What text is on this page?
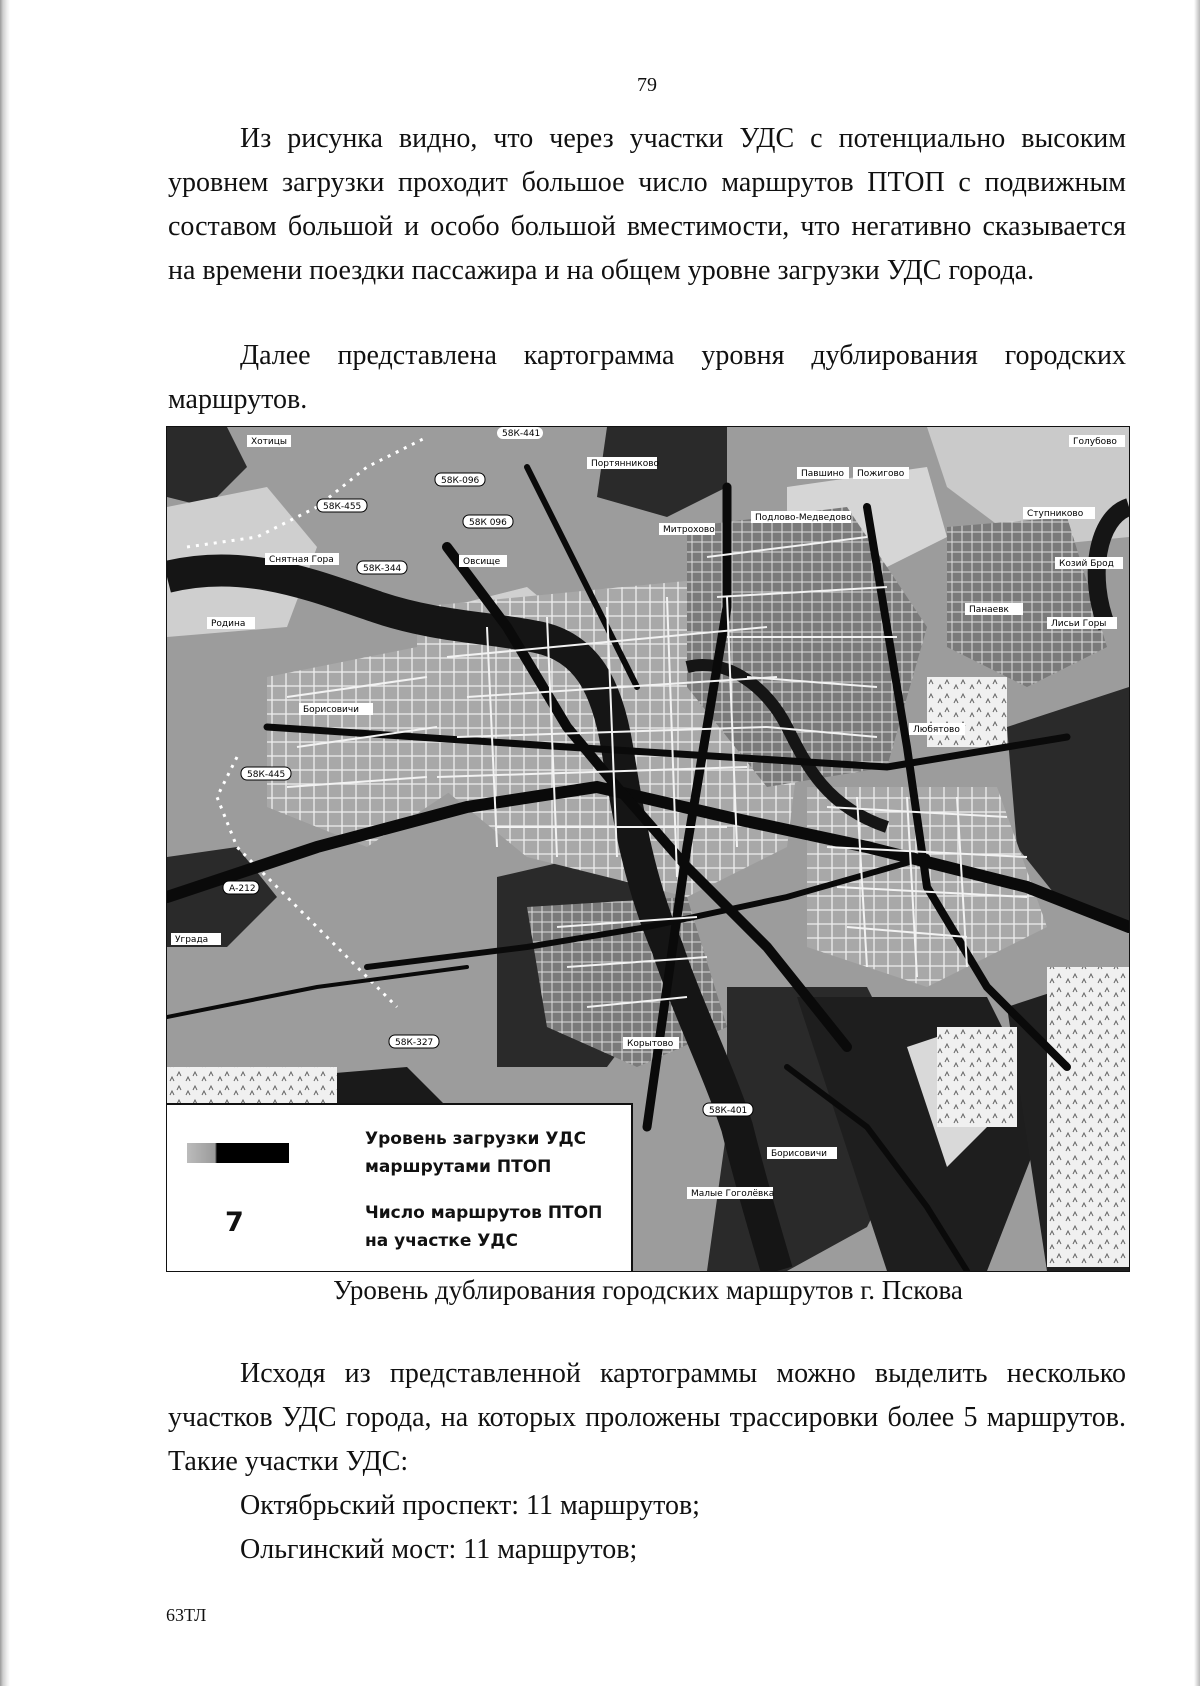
79

Из рисунка видно, что через участки УДС с потенциально высоким уровнем загрузки проходит большое число маршрутов ПТОП с подвижным составом большой и особо большой вместимости, что негативно сказывается на времени поездки пассажира и на общем уровне загрузки УДС города.

Далее представлена картограмма уровня дублирования городских маршрутов.

Хотицы
58К-441
Портянниково
Голубово
58К-096
58К 096
Павшино Пожигово
58К-455
Митрохово
Подлово-Медведово	Ступниково
Снятная Гора
58К-344
Овсище
Лисьи Горы
Козий Брод
Родина
Борисовичи
Панаевк
58К-445
Любятово
А-212
Уграда
58К-327	Корытово
58К-401
Борисовичи
Малые Гоголёвка
Уровень загрузки УДС маршрутами ПТОП
7	Число маршрутов ПТОП на участке УДС
Уровень дублирования городских маршрутов г. Пскова

Исходя из представленной картограммы можно выделить несколько участков УДС города, на которых проложены трассировки более 5 маршрутов. Такие участки УДС:

Октябрьский проспект: 11 маршрутов;

Ольгинский мост: 11 маршрутов;

63ТЛ
